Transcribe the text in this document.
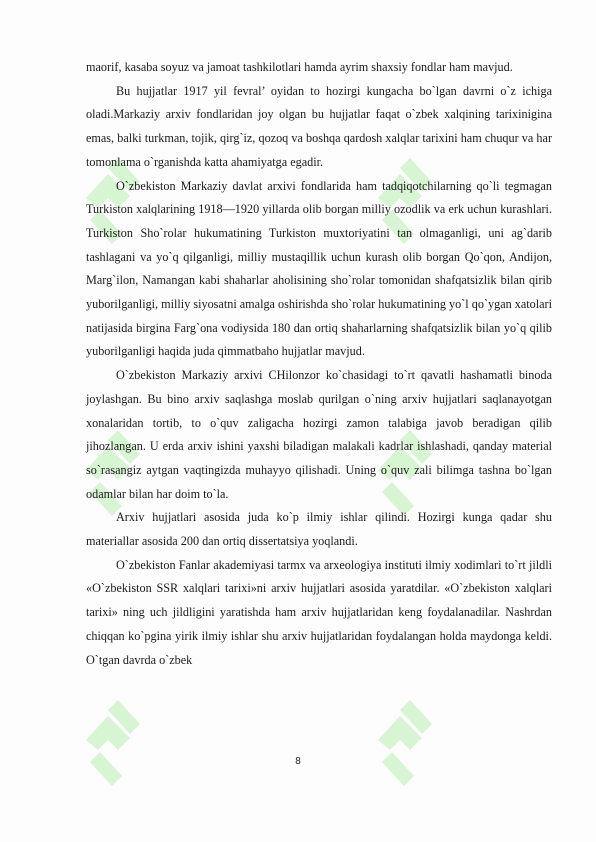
maorif, kasaba soyuz va jamoat tashkilotlari hamda ayrim shaxsiy fondlar ham mavjud.

Bu hujjatlar 1917 yil fevral’ oyidan to hozirgi kungacha bo`lgan davrni o`z ichiga oladi.Markaziy arxiv fondlaridan joy olgan bu hujjatlar faqat o`zbek xalqining tarixinigina emas, balki turkman, tojik, qirg`iz, qozoq va boshqa qardosh xalqlar tarixini ham chuqur va har tomonlama o`rganishda katta ahamiyatga egadir.

O`zbekiston Markaziy davlat arxivi fondlarida ham tadqiqotchilarning qo`li tegmagan Turkiston xalqlarining 1918—1920 yillarda olib borgan milliy ozodlik va erk uchun kurashlari. Turkiston Sho`rolar hukumatining Turkiston muxtoriyatini tan olmaganligi, uni ag`darib tashlagani va yo`q qilganligi, milliy mustaqillik uchun kurash olib borgan Qo`qon, Andijon, Marg`ilon, Namangan kabi shaharlar aholisining sho`rolar tomonidan shafqatsizlik bilan qirib yuborilganligi, milliy siyosatni amalga oshirishda sho`rolar hukumatining yo`l qo`ygan xatolari natijasida birgina Farg`ona vodiysida 180 dan ortiq shaharlarning shafqatsizlik bilan yo`q qilib yuborilganligi haqida juda qimmatbaho hujjatlar mavjud.

O`zbekiston Markaziy arxivi CHilonzor ko`chasidagi to`rt qavatli hashamatli binoda joylashgan. Bu bino arxiv saqlashga moslab qurilgan o`ning arxiv hujjatlari saqlanayotgan xonalaridan tortib, to o`quv zaligacha hozirgi zamon talabiga javob beradigan qilib jihozlangan. U erda arxiv ishini yaxshi biladigan malakali kadrlar ishlashadi, qanday material so`rasangiz aytgan vaqtingizda muhayyo qilishadi. Uning o`quv zali bilimga tashna bo`lgan odamlar bilan har doim to`la.

Arxiv hujjatlari asosida juda ko`p ilmiy ishlar qilindi. Hozirgi kunga qadar shu materiallar asosida 200 dan ortiq dissertatsiya yoqlandi.

O`zbekiston Fanlar akademiyasi tarmx va arxeologiya instituti ilmiy xodimlari to`rt jildli «O`zbekiston SSR xalqlari tarixi»ni arxiv hujjatlari asosida yaratdilar. «O`zbekiston xalqlari tarixi» ning uch jildligini yaratishda ham arxiv hujjatlaridan keng foydalanadilar. Nashrdan chiqqan ko`pgina yirik ilmiy ishlar shu arxiv hujjatlaridan foydalangan holda maydonga keldi. O`tgan davrda o`zbek

8
